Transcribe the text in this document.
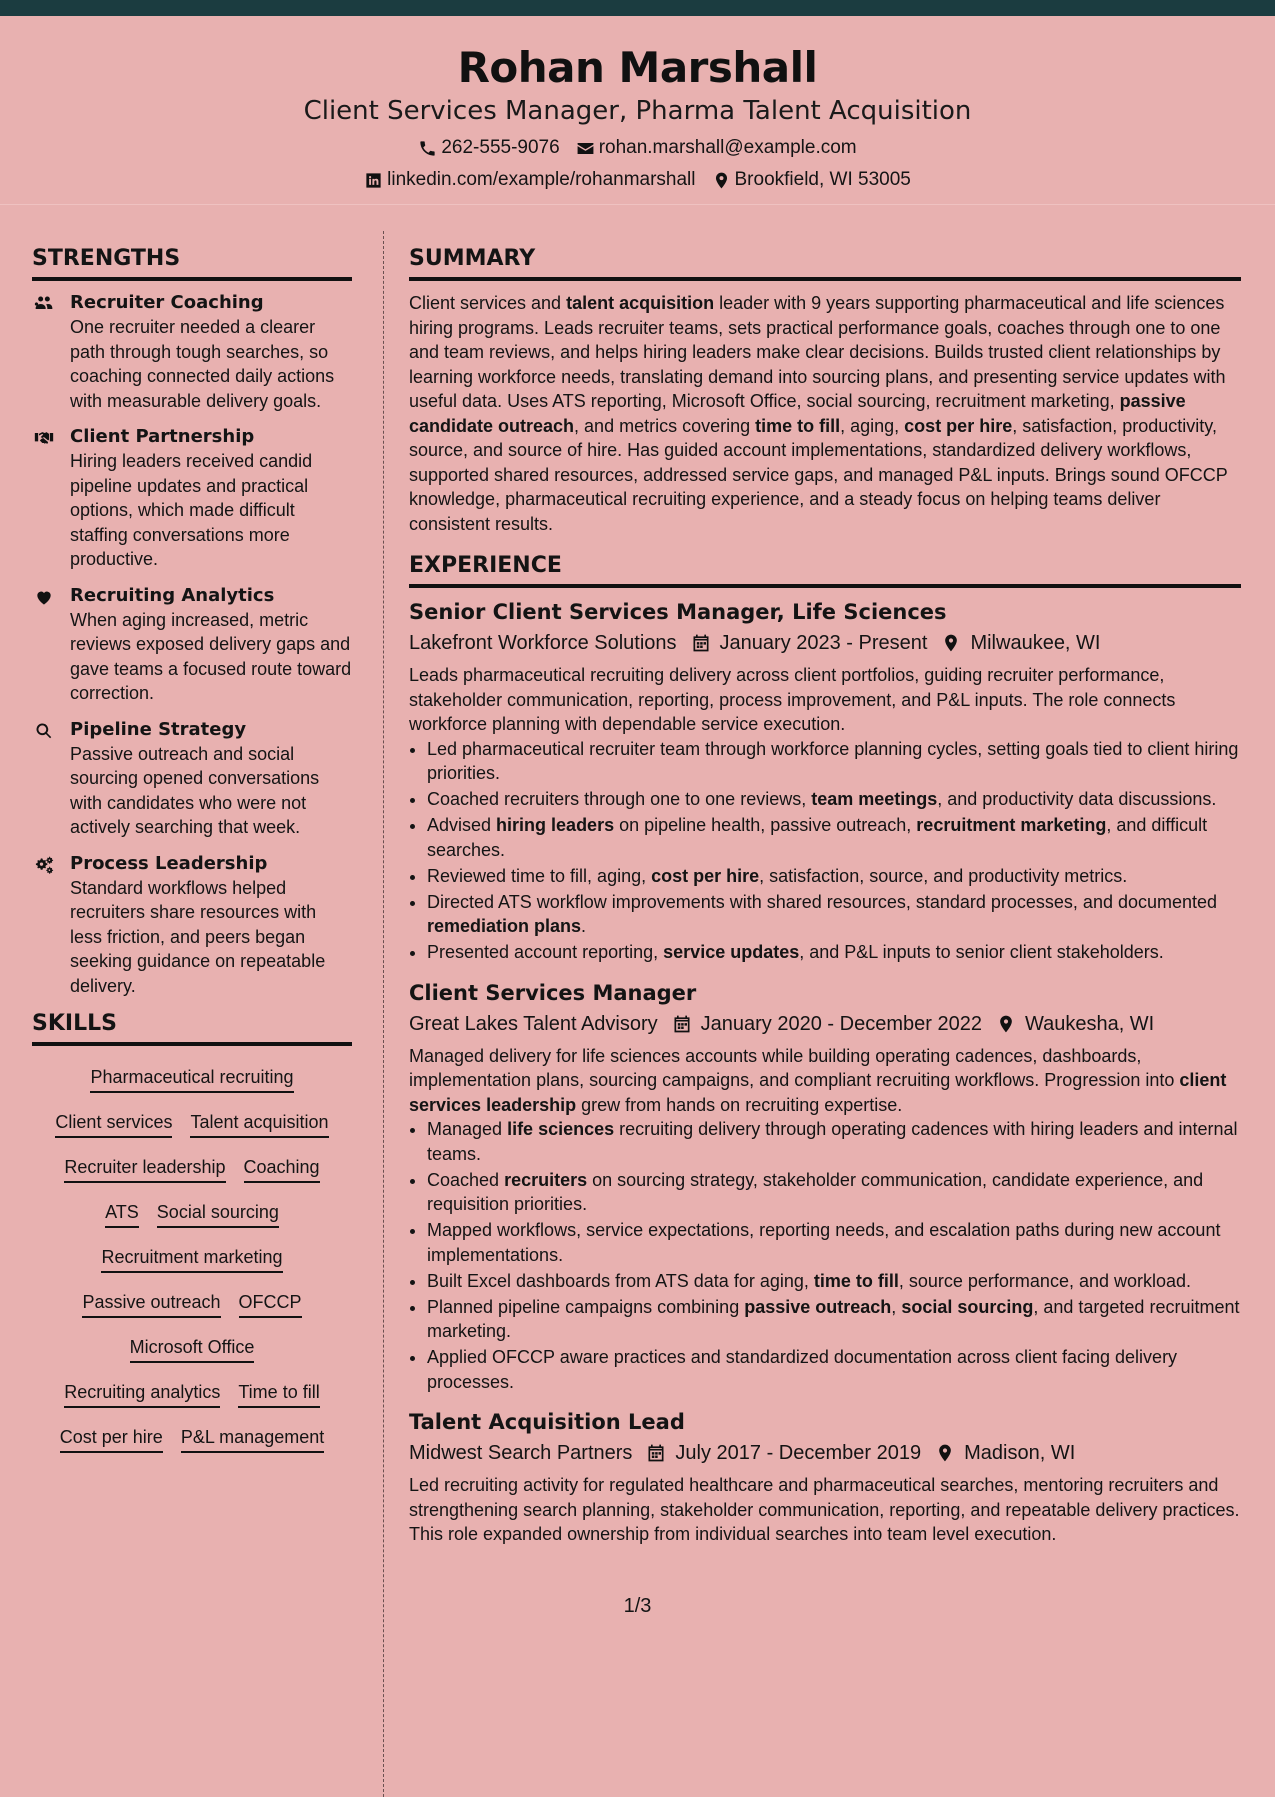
Rohan Marshall
Client Services Manager, Pharma Talent Acquisition
262-555-9076 rohan.marshall@example.com
linkedin.com/example/rohanmarshall Brookfield, WI 53005
STRENGTHS
Recruiter Coaching
One recruiter needed a clearer path through tough searches, so coaching connected daily actions with measurable delivery goals.
Client Partnership
Hiring leaders received candid pipeline updates and practical options, which made difficult staffing conversations more productive.
Recruiting Analytics
When aging increased, metric reviews exposed delivery gaps and gave teams a focused route toward correction.
Pipeline Strategy
Passive outreach and social sourcing opened conversations with candidates who were not actively searching that week.
Process Leadership
Standard workflows helped recruiters share resources with less friction, and peers began seeking guidance on repeatable delivery.
SKILLS
Pharmaceutical recruiting
Client services Talent acquisition
Recruiter leadership Coaching
ATS Social sourcing
Recruitment marketing
Passive outreach OFCCP
Microsoft Office
Recruiting analytics Time to fill
Cost per hire P&L management
SUMMARY
Client services and talent acquisition leader with 9 years supporting pharmaceutical and life sciences hiring programs. Leads recruiter teams, sets practical performance goals, coaches through one to one and team reviews, and helps hiring leaders make clear decisions. Builds trusted client relationships by learning workforce needs, translating demand into sourcing plans, and presenting service updates with useful data. Uses ATS reporting, Microsoft Office, social sourcing, recruitment marketing, passive candidate outreach, and metrics covering time to fill, aging, cost per hire, satisfaction, productivity, source, and source of hire. Has guided account implementations, standardized delivery workflows, supported shared resources, addressed service gaps, and managed P&L inputs. Brings sound OFCCP knowledge, pharmaceutical recruiting experience, and a steady focus on helping teams deliver consistent results.
EXPERIENCE
Senior Client Services Manager, Life Sciences
Lakefront Workforce Solutions January 2023 - Present Milwaukee, WI
Leads pharmaceutical recruiting delivery across client portfolios, guiding recruiter performance, stakeholder communication, reporting, process improvement, and P&L inputs. The role connects workforce planning with dependable service execution.
• Led pharmaceutical recruiter team through workforce planning cycles, setting goals tied to client hiring priorities.
• Coached recruiters through one to one reviews, team meetings, and productivity data discussions.
• Advised hiring leaders on pipeline health, passive outreach, recruitment marketing, and difficult searches.
• Reviewed time to fill, aging, cost per hire, satisfaction, source, and productivity metrics.
• Directed ATS workflow improvements with shared resources, standard processes, and documented remediation plans.
• Presented account reporting, service updates, and P&L inputs to senior client stakeholders.
Client Services Manager
Great Lakes Talent Advisory January 2020 - December 2022 Waukesha, WI
Managed delivery for life sciences accounts while building operating cadences, dashboards, implementation plans, sourcing campaigns, and compliant recruiting workflows. Progression into client services leadership grew from hands on recruiting expertise.
• Managed life sciences recruiting delivery through operating cadences with hiring leaders and internal teams.
• Coached recruiters on sourcing strategy, stakeholder communication, candidate experience, and requisition priorities.
• Mapped workflows, service expectations, reporting needs, and escalation paths during new account implementations.
• Built Excel dashboards from ATS data for aging, time to fill, source performance, and workload.
• Planned pipeline campaigns combining passive outreach, social sourcing, and targeted recruitment marketing.
• Applied OFCCP aware practices and standardized documentation across client facing delivery processes.
Talent Acquisition Lead
Midwest Search Partners July 2017 - December 2019 Madison, WI
Led recruiting activity for regulated healthcare and pharmaceutical searches, mentoring recruiters and strengthening search planning, stakeholder communication, reporting, and repeatable delivery practices. This role expanded ownership from individual searches into team level execution.
1/3
